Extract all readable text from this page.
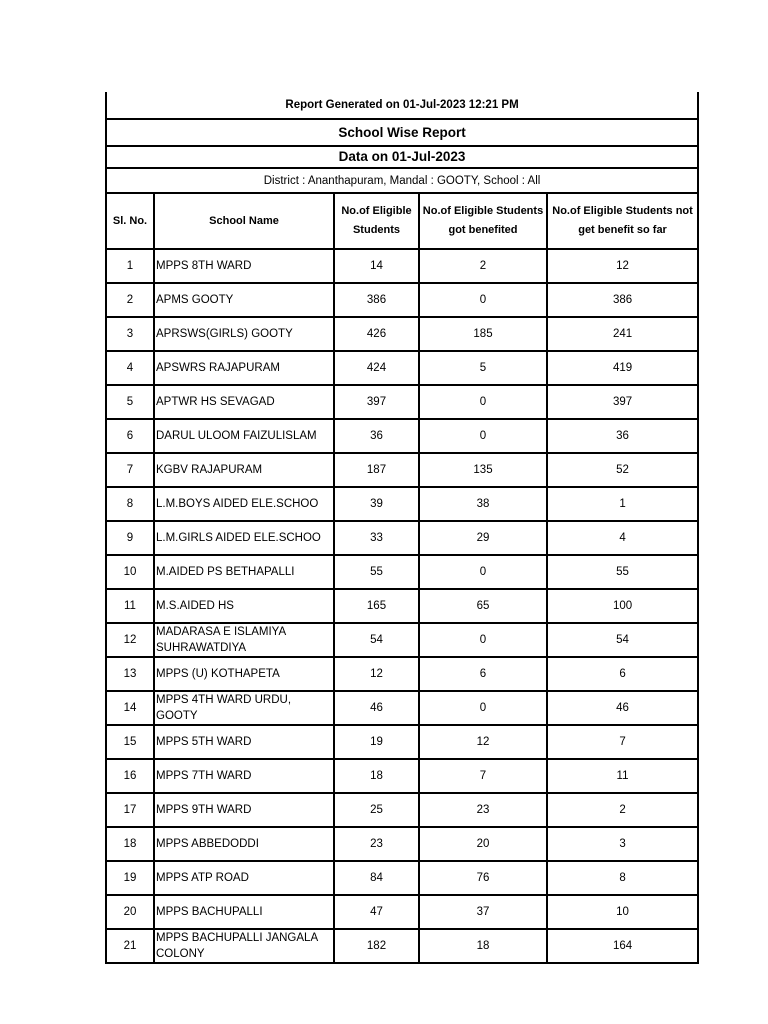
Report Generated on 01-Jul-2023 12:21 PM				
School Wise Report				
Data on 01-Jul-2023				
District : Ananthapuram, Mandal : GOOTY, School : All				
Sl. No.	School Name	No.of Eligible Students	No.of Eligible Students got benefited	No.of Eligible Students not get benefit so far
1	MPPS 8TH WARD	14	2	12
2	APMS GOOTY	386	0	386
3	APRSWS(GIRLS) GOOTY	426	185	241
4	APSWRS RAJAPURAM	424	5	419
5	APTWR HS SEVAGAD	397	0	397
6	DARUL ULOOM FAIZULISLAM	36	0	36
7	KGBV RAJAPURAM	187	135	52
8	L.M.BOYS AIDED ELE.SCHOO	39	38	1
9	L.M.GIRLS AIDED ELE.SCHOO	33	29	4
10	M.AIDED PS BETHAPALLI	55	0	55
11	M.S.AIDED HS	165	65	100
12	MADARASA E ISLAMIYA SUHRAWATDIYA	54	0	54
13	MPPS (U) KOTHAPETA	12	6	6
14	MPPS 4TH WARD URDU, GOOTY	46	0	46
15	MPPS 5TH WARD	19	12	7
16	MPPS 7TH WARD	18	7	11
17	MPPS 9TH WARD	25	23	2
18	MPPS ABBEDODDI	23	20	3
19	MPPS ATP ROAD	84	76	8
20	MPPS BACHUPALLI	47	37	10
21	MPPS BACHUPALLI JANGALA COLONY	182	18	164
